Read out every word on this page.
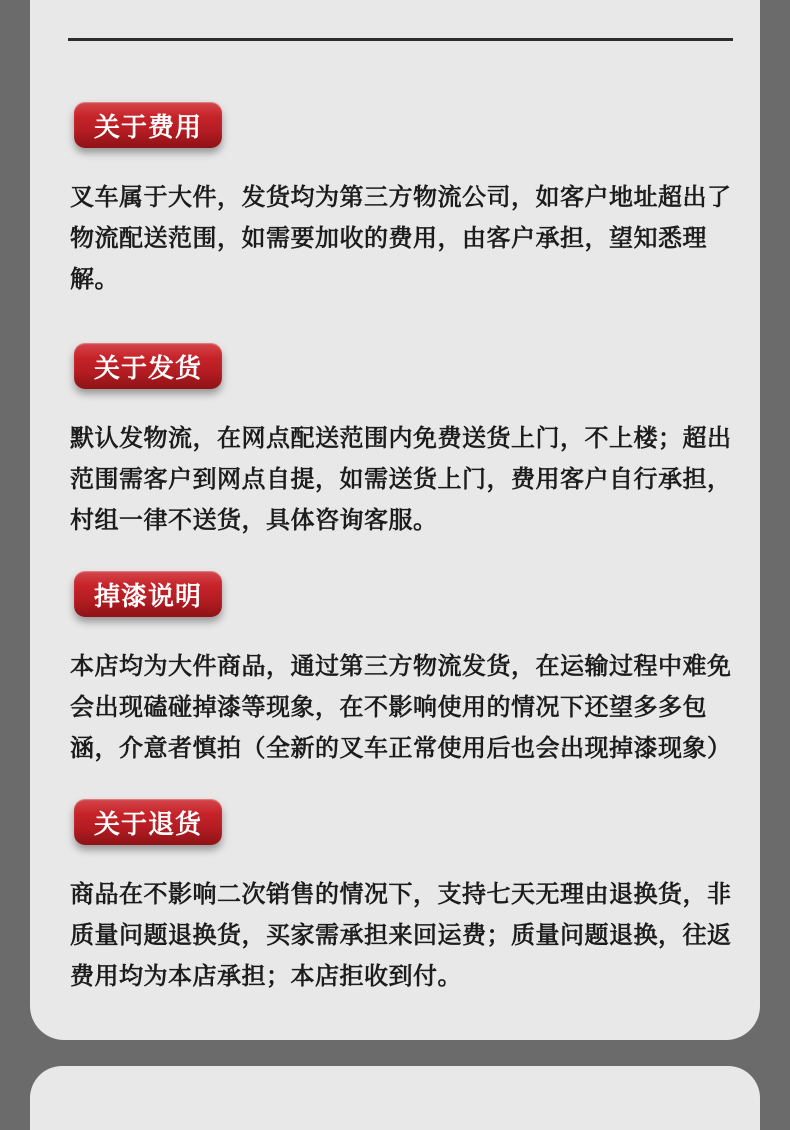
关于费用

叉车属于大件，发货均为第三方物流公司，如客户地址超出了物流配送范围，如需要加收的费用，由客户承担，望知悉理解。

关于发货

默认发物流，在网点配送范围内免费送货上门，不上楼；超出范围需客户到网点自提，如需送货上门，费用客户自行承担，村组一律不送货，具体咨询客服。

掉漆说明

本店均为大件商品，通过第三方物流发货，在运输过程中难免会出现磕碰掉漆等现象，在不影响使用的情况下还望多多包涵，介意者慎拍（全新的叉车正常使用后也会出现掉漆现象）

关于退货

商品在不影响二次销售的情况下，支持七天无理由退换货，非质量问题退换货，买家需承担来回运费；质量问题退换，往返费用均为本店承担；本店拒收到付。
